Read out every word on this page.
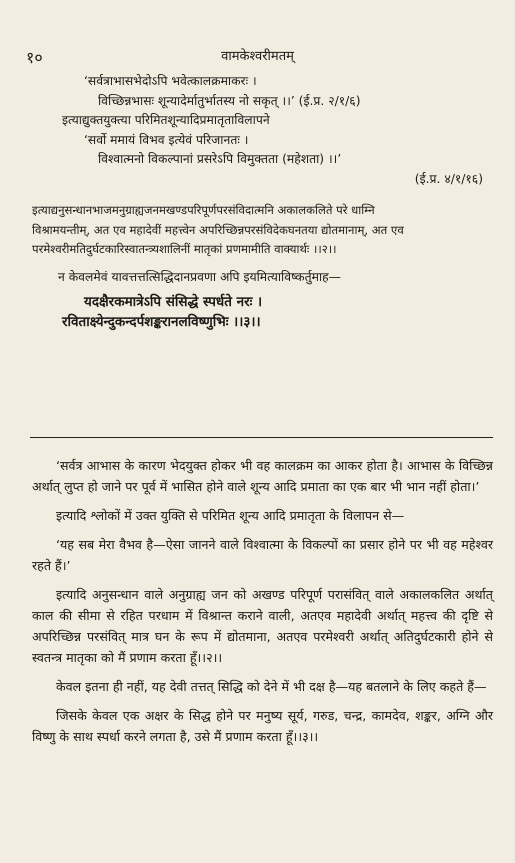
१०	वामकेश्वरीमतम्
‘सर्वत्राभासभेदोऽपि भवेत्कालक्रमाकरः ।
विच्छिन्नभासः शून्यादेर्मातुर्भातस्य नो सकृत् ।।’ (ई.प्र. २/१/६)
इत्याद्युक्तयुक्त्या परिमितशून्यादिप्रमातृताविलापने
‘सर्वो ममायं विभव इत्येवं परिजानतः ।
विश्वात्मनो विकल्पानां प्रसरेऽपि विमुक्तता (महेशता) ।।’
(ई.प्र. ४/१/१६)
इत्याद्यनुसन्धानभाजमनुग्राह्यजनमखण्डपरिपूर्णपरसंविदात्मनि अकालकलिते परे धाम्नि
विश्रामयन्तीम्, अत एव महादेवीं महत्त्वेन अपरिच्छिन्नपरसंविदेकघनतया द्योतमानाम्, अत एव
परमेश्वरीमतिदुर्घटकारिस्वातन्त्र्यशालिनीं मातृकां प्रणमामीति वाक्यार्थः ।।२।।
न केवलमेवं यावत्तत्तत्सिद्धिदानप्रवणा अपि इयमित्याविष्कर्तुमाह—
यदक्षैरकमात्रेऽपि संसिद्धे स्पर्धते नरः ।
रविताक्ष्येन्दुकन्दर्पशङ्करानलविष्णुभिः ।।३।।

‘सर्वत्र आभास के कारण भेदयुक्त होकर भी वह कालक्रम का आकर होता है। आभास के विच्छिन्न अर्थात् लुप्त हो जाने पर पूर्व में भासित होने वाले शून्य आदि प्रमाता का एक बार भी भान नहीं होता।’

इत्यादि श्लोकों में उक्त युक्ति से परिमित शून्य आदि प्रमातृता के विलापन से—

‘यह सब मेरा वैभव है—ऐसा जानने वाले विश्वात्मा के विकल्पों का प्रसार होने पर भी वह महेश्वर रहते हैं।’

इत्यादि अनुसन्धान वाले अनुग्राह्य जन को अखण्ड परिपूर्ण परासंवित् वाले अकालकलित अर्थात् काल की सीमा से रहित परधाम में विश्रान्त कराने वाली, अतएव महादेवी अर्थात् महत्त्व की दृष्टि से अपरिच्छिन्न परसंवित् मात्र घन के रूप में द्योतमाना, अतएव परमेश्वरी अर्थात् अतिदुर्घटकारी होने से स्वतन्त्र मातृका को मैं प्रणाम करता हूँ।।२।।

केवल इतना ही नहीं, यह देवी तत्तत् सिद्धि को देने में भी दक्ष है—यह बतलाने के लिए कहते हैं—

जिसके केवल एक अक्षर के सिद्ध होने पर मनुष्य सूर्य, गरुड, चन्द्र, कामदेव, शङ्कर, अग्नि और विष्णु के साथ स्पर्धा करने लगता है, उसे मैं प्रणाम करता हूँ।।३।।
